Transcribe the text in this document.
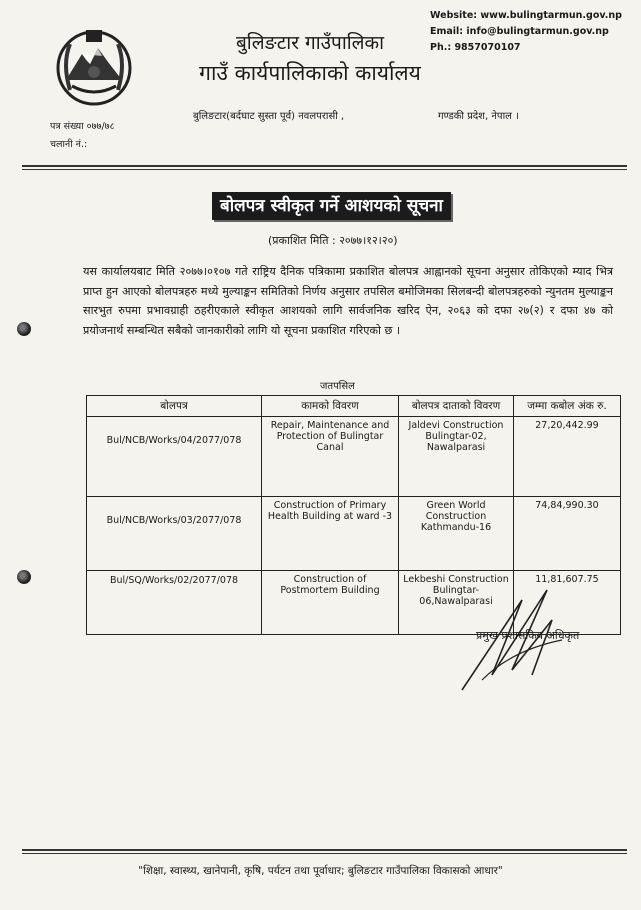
बुलिङटार गाउँपालिका
गाउँ कार्यपालिकाको कार्यालय
Website: www.bulingtarmun.gov.np
Email: info@bulingtarmun.gov.np
Ph.: 9857070107
बुलिङटार(बर्दघाट सुस्ता पूर्व) नवलपरासी ,	गण्डकी प्रदेश, नेपाल ।
पत्र संख्या ०७७/७८
चलानी नं.:
बोलपत्र स्वीकृत गर्ने आशयको सूचना
(प्रकाशित मिति : २०७७।१२।२०)
यस कार्यालयबाट मिति २०७७।०१०७ गते राष्ट्रिय दैनिक पत्रिकामा प्रकाशित बोलपत्र आह्वानको सूचना अनुसार तोकिएको म्याद भित्र प्राप्त हुन आएको बोलपत्रहरु मध्ये मुल्याङ्कन समितिको निर्णय अनुसार तपसिल बमोजिमका सिलबन्दी बोलपत्रहरुको न्युनतम मुल्याङ्कन सारभुत रुपमा प्रभावग्राही ठहरीएकाले स्वीकृत आशयको लागि सार्वजनिक खरिद ऐन, २०६३ को दफा २७(२) र दफा ४७ को प्रयोजनार्थ सम्बन्धित सबैको जानकारीको लागि यो सूचना प्रकाशित गरिएको छ ।
जतपसिल
बोलपत्र	कामको विवरण	बोलपत्र दाताको विवरण	जम्मा कबोल अंक रु.
Bul/NCB/Works/04/2077/078	Repair, Maintenance and Protection of Bulingtar Canal	Jaldevi Construction Bulingtar-02, Nawalparasi	27,20,442.99
Bul/NCB/Works/03/2077/078	Construction of Primary Health Building at ward -3	Green World Construction Kathmandu-16	74,84,990.30
Bul/SQ/Works/02/2077/078	Construction of Postmortem Building	Lekbeshi Construction Bulingtar-06,Nawalparasi	11,81,607.75
प्रमुख प्रशासकिय अधिकृत
"शिक्षा, स्वास्थ्य, खानेपानी, कृषि, पर्यटन तथा पूर्वाधार; बुलिङटार गाउँपालिका विकासको आधार"
